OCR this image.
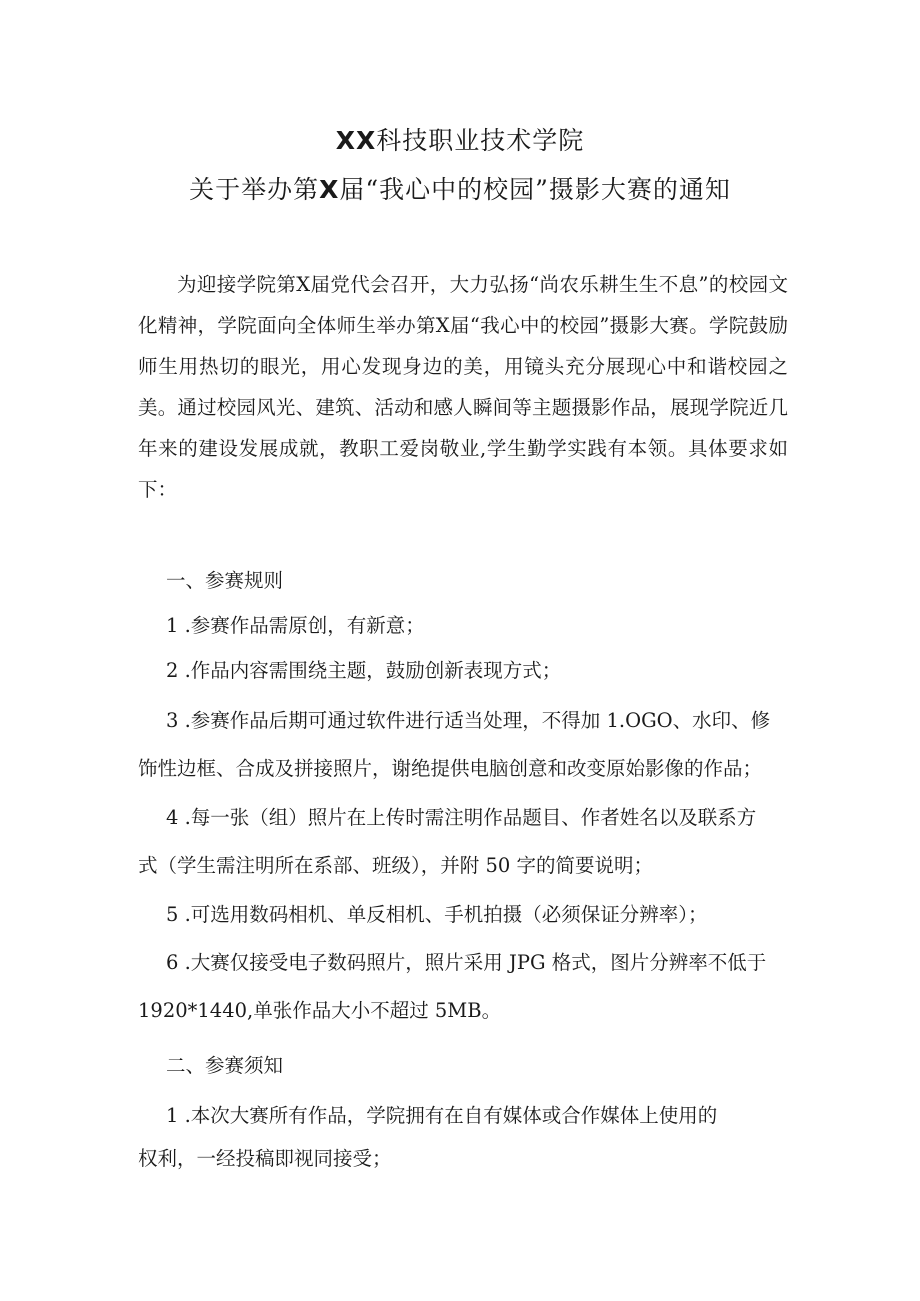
XX科技职业技术学院
关于举办第X届“我心中的校园”摄影大赛的通知

为迎接学院第X届党代会召开，大力弘扬“尚农乐耕生生不息”的校园文化精神，学院面向全体师生举办第X届“我心中的校园”摄影大赛。学院鼓励师生用热切的眼光，用心发现身边的美，用镜头充分展现心中和谐校园之美。通过校园风光、建筑、活动和感人瞬间等主题摄影作品，展现学院近几年来的建设发展成就，教职工爱岗敬业,学生勤学实践有本领。具体要求如下：

一、参赛规则
1 .参赛作品需原创，有新意；
2 .作品内容需围绕主题，鼓励创新表现方式；
3 .参赛作品后期可通过软件进行适当处理，不得加 1.OGO、水印、修
饰性边框、合成及拼接照片，谢绝提供电脑创意和改变原始影像的作品；
4 .每一张（组）照片在上传时需注明作品题目、作者姓名以及联系方
式（学生需注明所在系部、班级），并附 50 字的简要说明；
5 .可选用数码相机、单反相机、手机拍摄（必须保证分辨率）；
6 .大赛仅接受电子数码照片，照片采用 JPG 格式，图片分辨率不低于
1920*1440,单张作品大小不超过 5MB。
二、参赛须知
1 .本次大赛所有作品，学院拥有在自有媒体或合作媒体上使用的
权利，一经投稿即视同接受；
